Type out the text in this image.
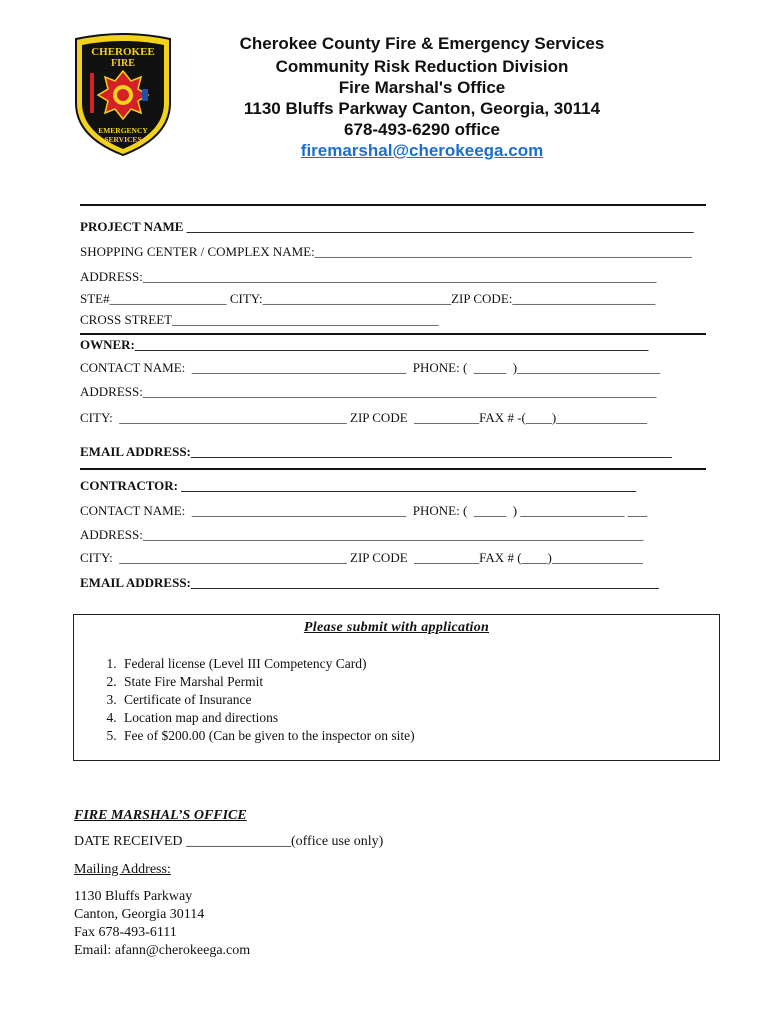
CHEROKEE
FIRE
EMERGENCY
SERVICES

Cherokee County Fire & Emergency Services

Community Risk Reduction Division

Fire Marshal's Office

1130 Bluffs Parkway Canton, Georgia, 30114

678-493-6290 office

firemarshal@cherokeega.com

PROJECT NAME ______________________________________________________________________________

SHOPPING CENTER / COMPLEX NAME:__________________________________________________________

ADDRESS:_______________________________________________________________________________

STE#__________________ CITY:_____________________________ZIP CODE:______________________

CROSS STREET_________________________________________

OWNER:_______________________________________________________________________________

CONTACT NAME:  _________________________________  PHONE: (  _____  )______________________

ADDRESS:_______________________________________________________________________________

CITY:  ___________________________________ ZIP CODE  __________FAX # -(____)______________

EMAIL ADDRESS:__________________________________________________________________________

CONTRACTOR: ______________________________________________________________________

CONTACT NAME:  _________________________________  PHONE: (  _____  ) ________________ ___

ADDRESS:_____________________________________________________________________________

CITY:  ___________________________________ ZIP CODE  __________FAX # (____)______________

EMAIL ADDRESS:________________________________________________________________________

Please submit with application

1. Federal license (Level III Competency Card)
2. State Fire Marshal Permit
3. Certificate of Insurance
4. Location map and directions
5. Fee of $200.00 (Can be given to the inspector on site)

FIRE MARSHAL’S OFFICE

DATE RECEIVED _______________(office use only)

Mailing Address:

1130 Bluffs Parkway

Canton, Georgia 30114

Fax 678-493-6111

Email: afann@cherokeega.com
